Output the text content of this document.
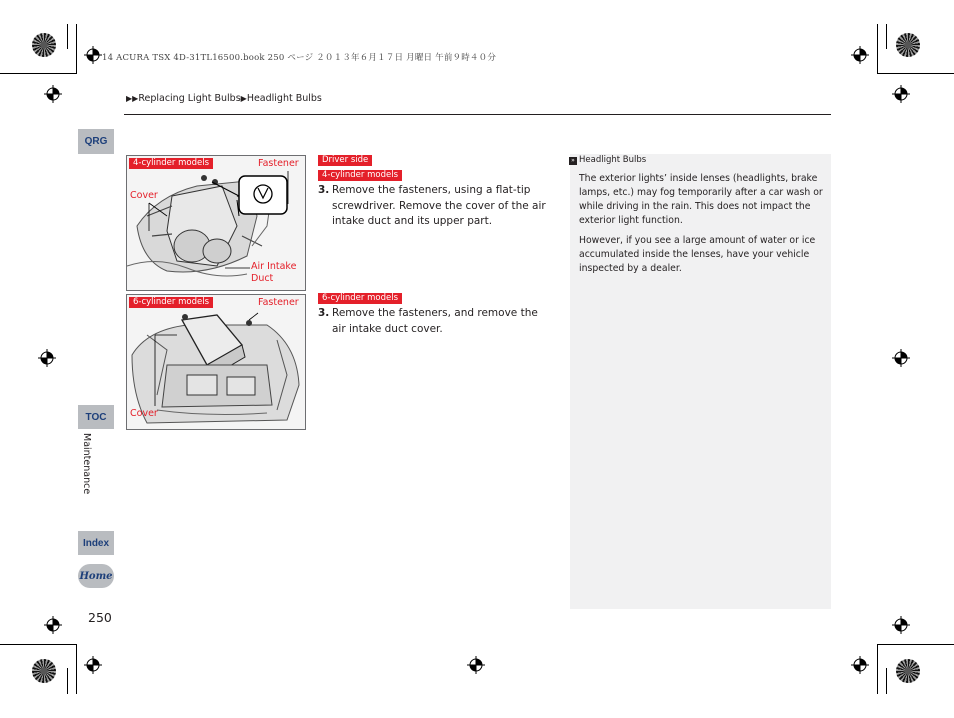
14 ACURA TSX 4D-31TL16500.book 250 ページ ２０１３年６月１７日 月曜日 午前９時４０分
▶▶Replacing Light Bulbs▶Headlight Bulbs
QRG
TOC
Maintenance
Index
Home
250
4-cylinder models	Fastener
Cover
Air Intake
Duct
6-cylinder models	Fastener
Cover
Driver side
4-cylinder models
3. Remove the fasteners, using a flat-tip screwdriver. Remove the cover of the air intake duct and its upper part.
6-cylinder models
3. Remove the fasteners, and remove the air intake duct cover.
» Headlight Bulbs
The exterior lights’ inside lenses (headlights, brake lamps, etc.) may fog temporarily after a car wash or while driving in the rain. This does not impact the exterior light function.
However, if you see a large amount of water or ice accumulated inside the lenses, have your vehicle inspected by a dealer.
